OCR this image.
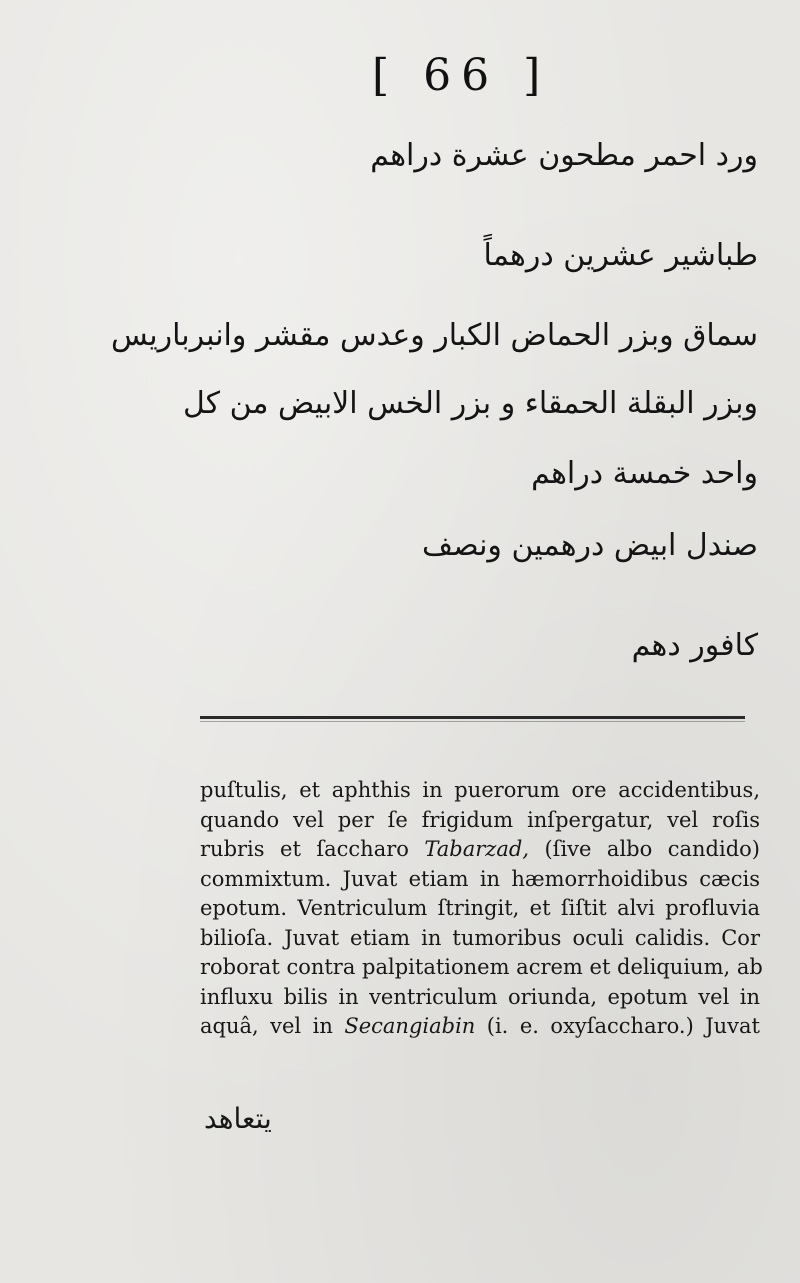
[ 66 ]
ورد احمر مطحون عشرة دراهم
طباشير عشرين درهماً
سماق وبزر الحماض الكبار وعدس مقشر وانبرباريس
وبزر البقلة الحمقاء و بزر الخس الابيض من كل
واحد خمسة دراهم
صندل ابيض درهمين ونصف
كافور دهم
puſtulis, et aphthis in puerorum ore accidentibus,
quando vel per ſe frigidum inſpergatur, vel roſis
rubris et ſaccharo Tabarzad, (ſive albo candido)
commixtum. Juvat etiam in hæmorrhoidibus cæcis
epotum. Ventriculum ſtringit, et ſiſtit alvi profluvia
bilioſa. Juvat etiam in tumoribus oculi calidis. Cor
roborat contra palpitationem acrem et deliquium, ab
influxu bilis in ventriculum oriunda, epotum vel in
aquâ, vel in Secangiabin (i. e. oxyſaccharo.) Juvat
يتعاهد
